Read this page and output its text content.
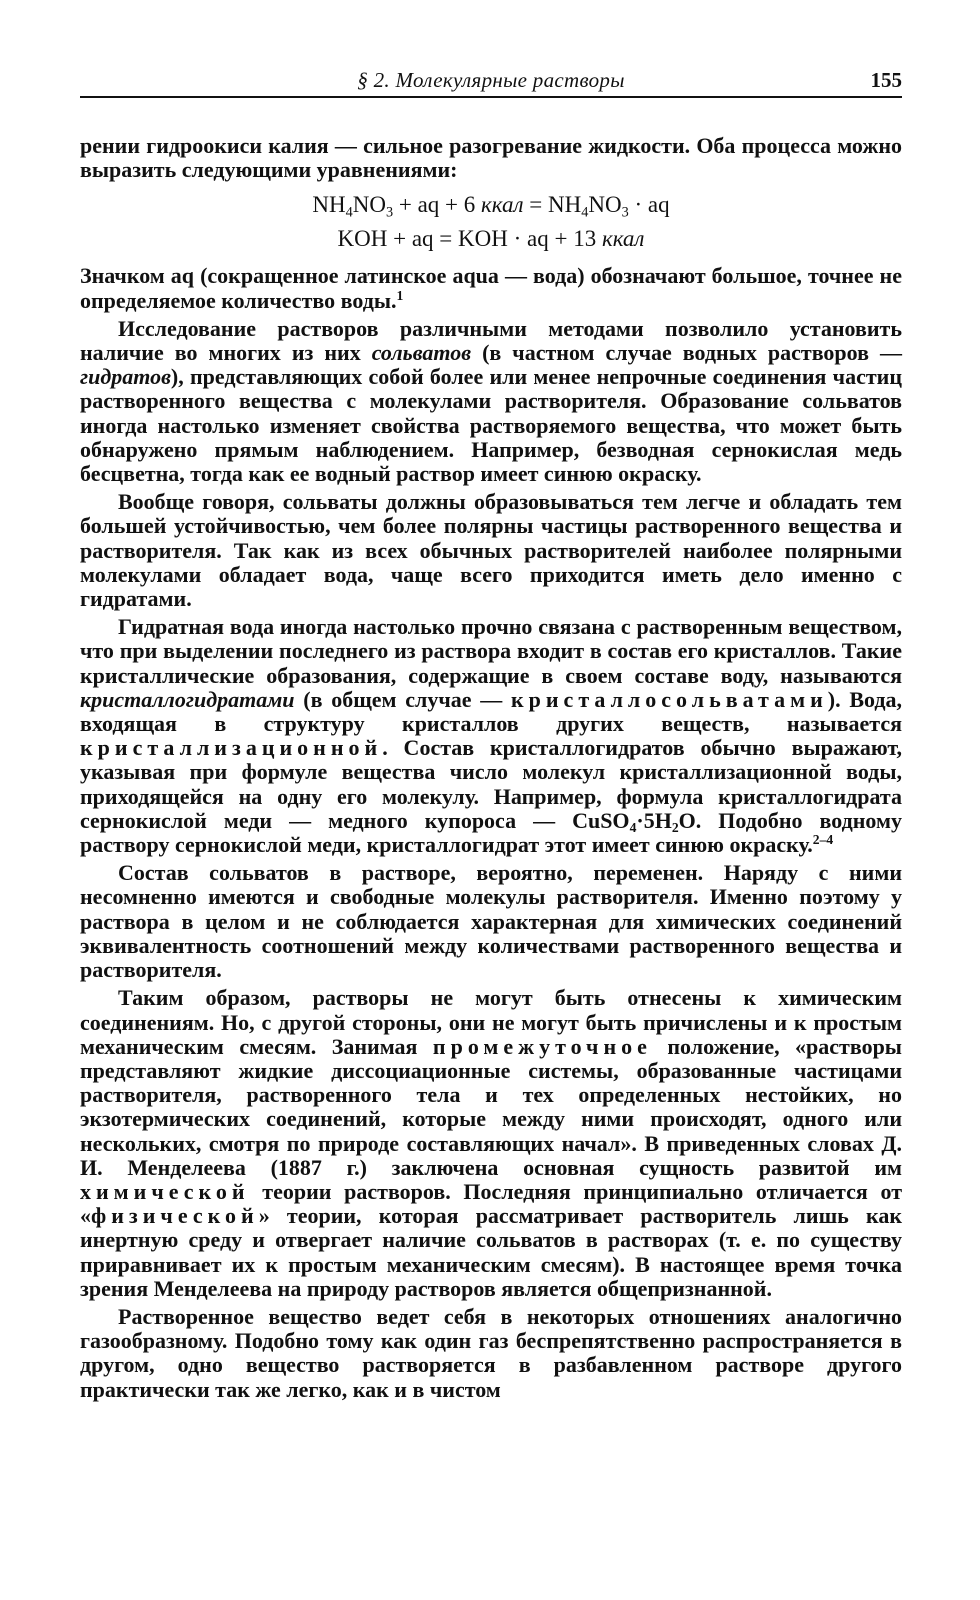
§ 2. Молекулярные растворы	155

рении гидроокиси калия — сильное разогревание жидкости. Оба процесса можно выразить следующими уравнениями:

$NH_4NO_3$ + aq + 6 ккал = $NH_4NO_3$ · aq
KOH + aq = KOH · aq + 13 ккал

Значком aq (сокращенное латинское aqua — вода) обозначают большое, точнее не определяемое количество воды.$^1$

Исследование растворов различными методами позволило установить наличие во многих из них сольватов (в частном случае водных растворов — гидратов), представляющих собой более или менее непрочные соединения частиц растворенного вещества с молекулами растворителя. Образование сольватов иногда настолько изменяет свойства растворяемого вещества, что может быть обнаружено прямым наблюдением. Например, безводная сернокислая медь бесцветна, тогда как ее водный раствор имеет синюю окраску.

Вообще говоря, сольваты должны образовываться тем легче и обладать тем большей устойчивостью, чем более полярны частицы растворенного вещества и растворителя. Так как из всех обычных растворителей наиболее полярными молекулами обладает вода, чаще всего приходится иметь дело именно с гидратами.

Гидратная вода иногда настолько прочно связана с растворенным веществом, что при выделении последнего из раствора входит в состав его кристаллов. Такие кристаллические образования, содержащие в своем составе воду, называются кристаллогидратами (в общем случае — кристаллосольватами). Вода, входящая в структуру кристаллов других веществ, называется кристаллизационной. Состав кристаллогидратов обычно выражают, указывая при формуле вещества число молекул кристаллизационной воды, приходящейся на одну его молекулу. Например, формула кристаллогидрата сернокислой меди — медного купороса — $CuSO_4\cdot 5H_2O$. Подобно водному раствору сернокислой меди, кристаллогидрат этот имеет синюю окраску.$^{2-4}$

Состав сольватов в растворе, вероятно, переменен. Наряду с ними несомненно имеются и свободные молекулы растворителя. Именно поэтому у раствора в целом и не соблюдается характерная для химических соединений эквивалентность соотношений между количествами растворенного вещества и растворителя.

Таким образом, растворы не могут быть отнесены к химическим соединениям. Но, с другой стороны, они не могут быть причислены и к простым механическим смесям. Занимая промежуточное положение, «растворы представляют жидкие диссоциационные системы, образованные частицами растворителя, растворенного тела и тех определенных нестойких, но экзотермических соединений, которые между ними происходят, одного или нескольких, смотря по природе составляющих начал». В приведенных словах Д. И. Менделеева (1887 г.) заключена основная сущность развитой им химической теории растворов. Последняя принципиально отличается от «физической» теории, которая рассматривает растворитель лишь как инертную среду и отвергает наличие сольватов в растворах (т. е. по существу приравнивает их к простым механическим смесям). В настоящее время точка зрения Менделеева на природу растворов является общепризнанной.

Растворенное вещество ведет себя в некоторых отношениях аналогично газообразному. Подобно тому как один газ беспрепятственно распространяется в другом, одно вещество растворяется в разбавленном растворе другого практически так же легко, как и в чистом
